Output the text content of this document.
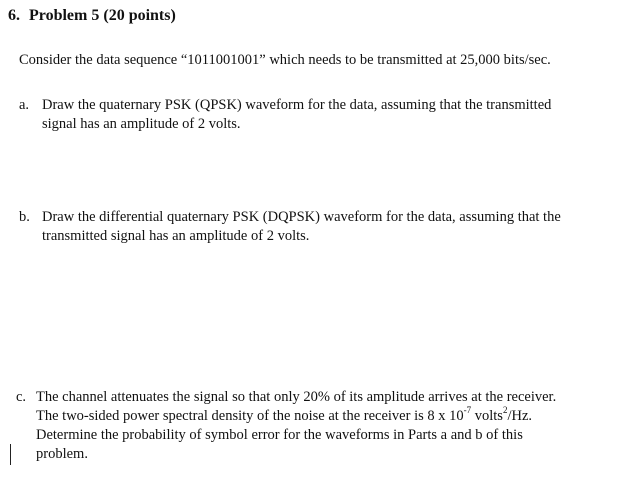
6. Problem 5 (20 points)
Consider the data sequence “1011001001” which needs to be transmitted at 25,000 bits/sec.
a. Draw the quaternary PSK (QPSK) waveform for the data, assuming that the transmitted signal has an amplitude of 2 volts.
b. Draw the differential quaternary PSK (DQPSK) waveform for the data, assuming that the transmitted signal has an amplitude of 2 volts.
c. The channel attenuates the signal so that only 20% of its amplitude arrives at the receiver. The two-sided power spectral density of the noise at the receiver is 8 x $10^{-7}$ volts$^2$/Hz. Determine the probability of symbol error for the waveforms in Parts a and b of this problem.
